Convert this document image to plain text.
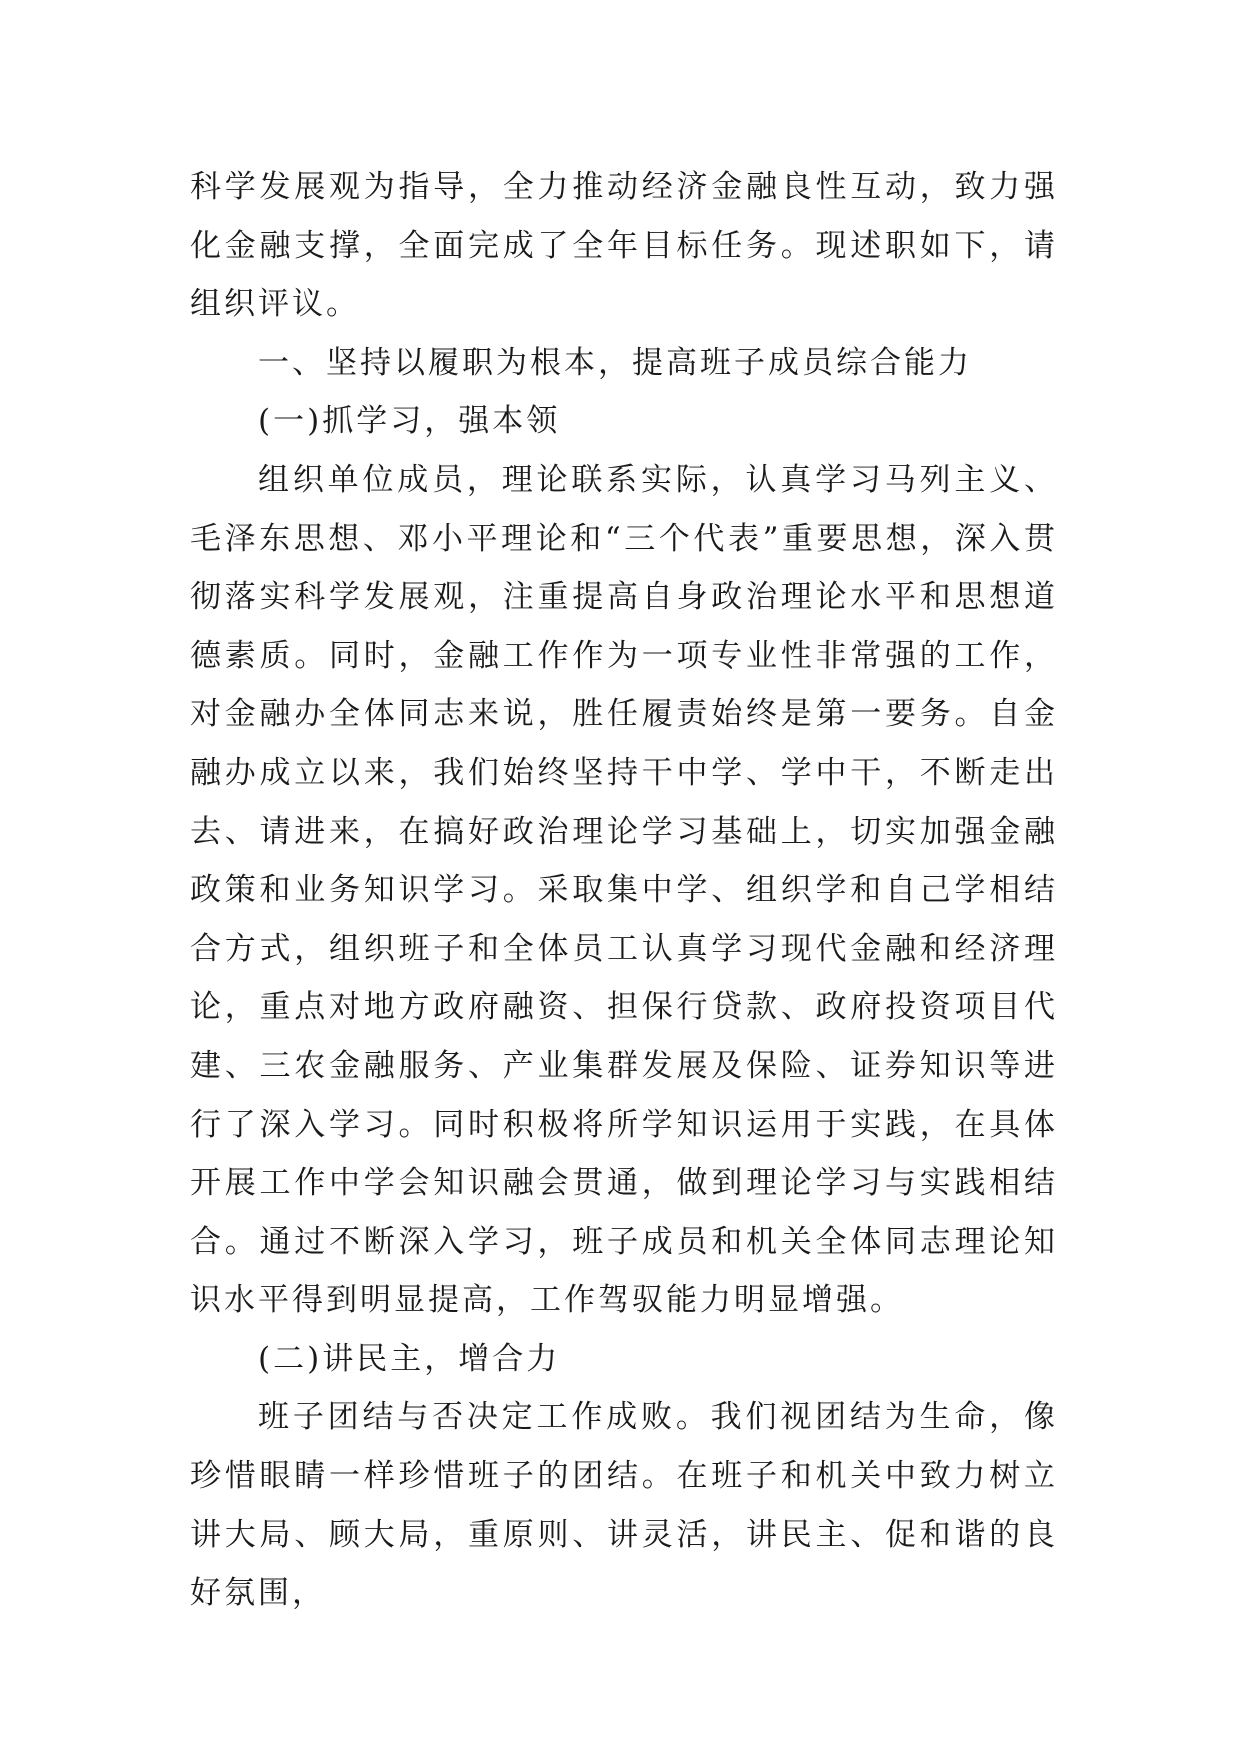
科学发展观为指导，全力推动经济金融良性互动，致力强化金融支撑，全面完成了全年目标任务。现述职如下，请组织评议。

一、坚持以履职为根本，提高班子成员综合能力

(一)抓学习，强本领

组织单位成员，理论联系实际，认真学习马列主义、毛泽东思想、邓小平理论和“三个代表”重要思想，深入贯彻落实科学发展观，注重提高自身政治理论水平和思想道德素质。同时，金融工作作为一项专业性非常强的工作，对金融办全体同志来说，胜任履责始终是第一要务。自金融办成立以来，我们始终坚持干中学、学中干，不断走出去、请进来，在搞好政治理论学习基础上，切实加强金融政策和业务知识学习。采取集中学、组织学和自己学相结合方式，组织班子和全体员工认真学习现代金融和经济理论，重点对地方政府融资、担保行贷款、政府投资项目代建、三农金融服务、产业集群发展及保险、证券知识等进行了深入学习。同时积极将所学知识运用于实践，在具体开展工作中学会知识融会贯通，做到理论学习与实践相结合。通过不断深入学习，班子成员和机关全体同志理论知识水平得到明显提高，工作驾驭能力明显增强。

(二)讲民主，增合力

班子团结与否决定工作成败。我们视团结为生命，像珍惜眼睛一样珍惜班子的团结。在班子和机关中致力树立讲大局、顾大局，重原则、讲灵活，讲民主、促和谐的良好氛围，
